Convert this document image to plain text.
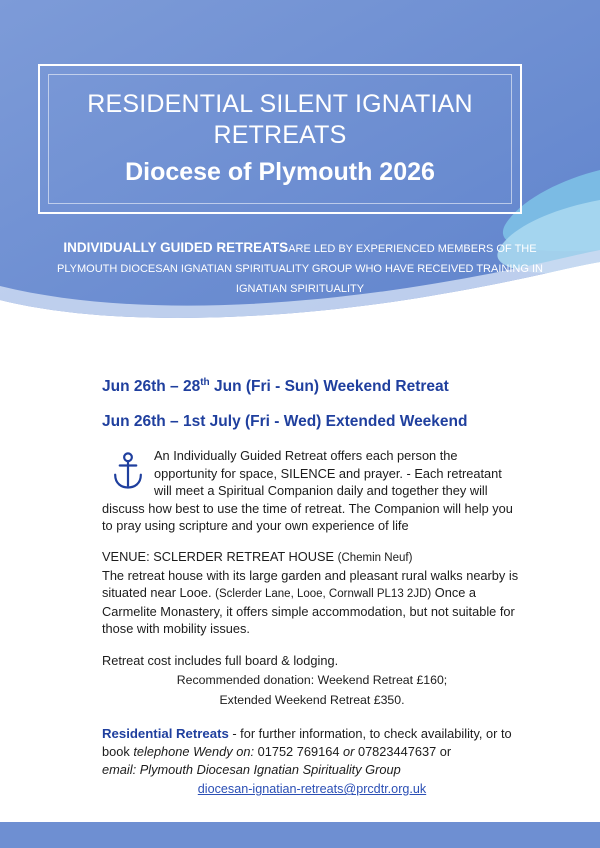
RESIDENTIAL SILENT IGNATIAN RETREATS
Diocese of Plymouth 2026
INDIVIDUALLY GUIDED RETREATSARE LED BY EXPERIENCED MEMBERS OF THE PLYMOUTH DIOCESAN IGNATIAN SPIRITUALITY GROUP WHO HAVE RECEIVED TRAINING IN IGNATIAN SPIRITUALITY
Jun 26th – 28th Jun (Fri - Sun) Weekend Retreat
Jun 26th – 1st July (Fri - Wed) Extended Weekend
An Individually Guided Retreat offers each person the opportunity for space, SILENCE and prayer. - Each retreatant will meet a Spiritual Companion daily and together they will discuss how best to use the time of retreat. The Companion will help you to pray using scripture and your own experience of life
VENUE: SCLERDER RETREAT HOUSE (Chemin Neuf)
The retreat house with its large garden and pleasant rural walks nearby is situated near Looe. (Sclerder Lane, Looe, Cornwall PL13 2JD) Once a Carmelite Monastery, it offers simple accommodation, but not suitable for those with mobility issues.
Retreat cost includes full board & lodging.
Recommended donation: Weekend Retreat £160;
Extended Weekend Retreat £350.
Residential Retreats - for further information, to check availability, or to book telephone Wendy on: 01752 769164 or 07823447637 or
email: Plymouth Diocesan Ignatian Spirituality Group
diocesan-ignatian-retreats@prcdtr.org.uk
